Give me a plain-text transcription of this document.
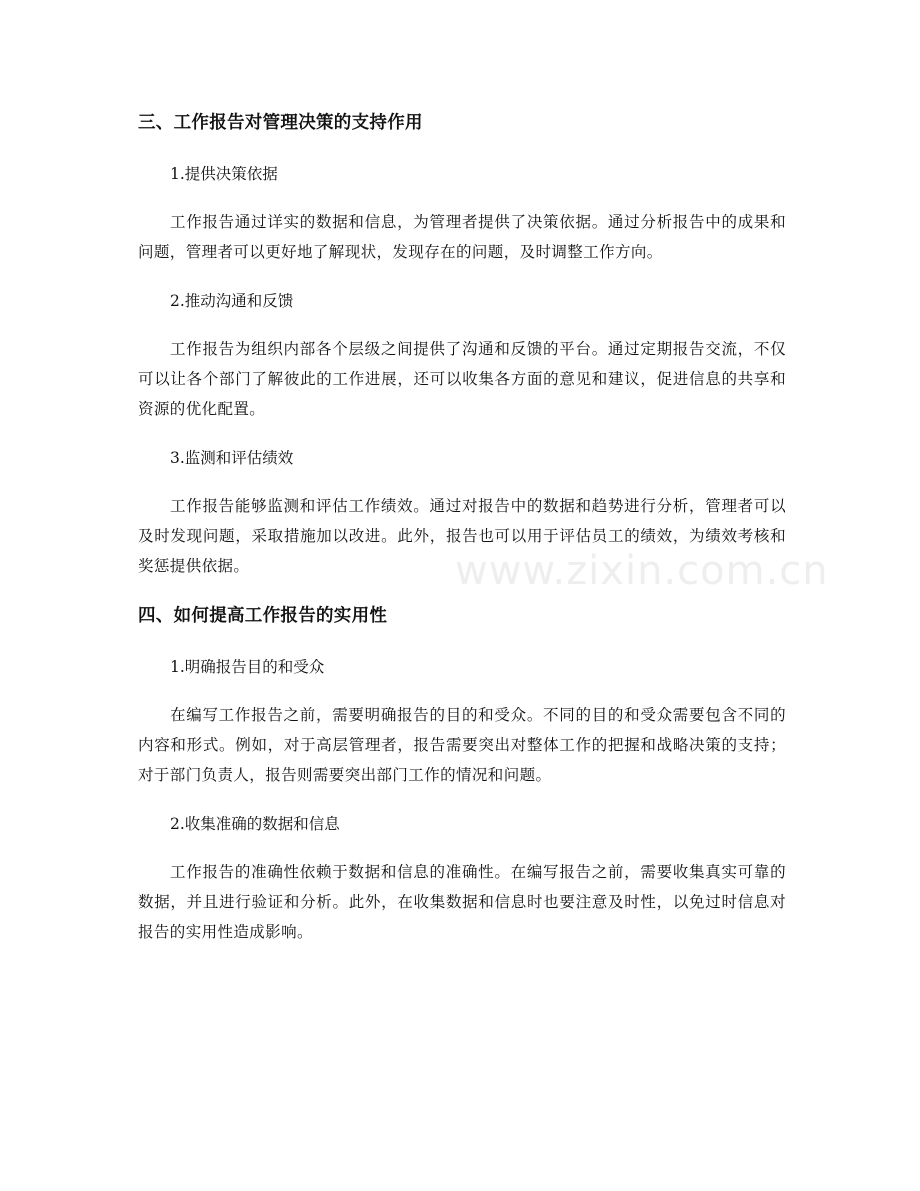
三、工作报告对管理决策的支持作用

1.提供决策依据

工作报告通过详实的数据和信息，为管理者提供了决策依据。通过分析报告中的成果和问题，管理者可以更好地了解现状，发现存在的问题，及时调整工作方向。

2.推动沟通和反馈

工作报告为组织内部各个层级之间提供了沟通和反馈的平台。通过定期报告交流，不仅可以让各个部门了解彼此的工作进展，还可以收集各方面的意见和建议，促进信息的共享和资源的优化配置。

3.监测和评估绩效

工作报告能够监测和评估工作绩效。通过对报告中的数据和趋势进行分析，管理者可以及时发现问题，采取措施加以改进。此外，报告也可以用于评估员工的绩效，为绩效考核和奖惩提供依据。

四、如何提高工作报告的实用性

1.明确报告目的和受众

在编写工作报告之前，需要明确报告的目的和受众。不同的目的和受众需要包含不同的内容和形式。例如，对于高层管理者，报告需要突出对整体工作的把握和战略决策的支持；对于部门负责人，报告则需要突出部门工作的情况和问题。

2.收集准确的数据和信息

工作报告的准确性依赖于数据和信息的准确性。在编写报告之前，需要收集真实可靠的数据，并且进行验证和分析。此外，在收集数据和信息时也要注意及时性，以免过时信息对报告的实用性造成影响。

www.zixin.com.cn
